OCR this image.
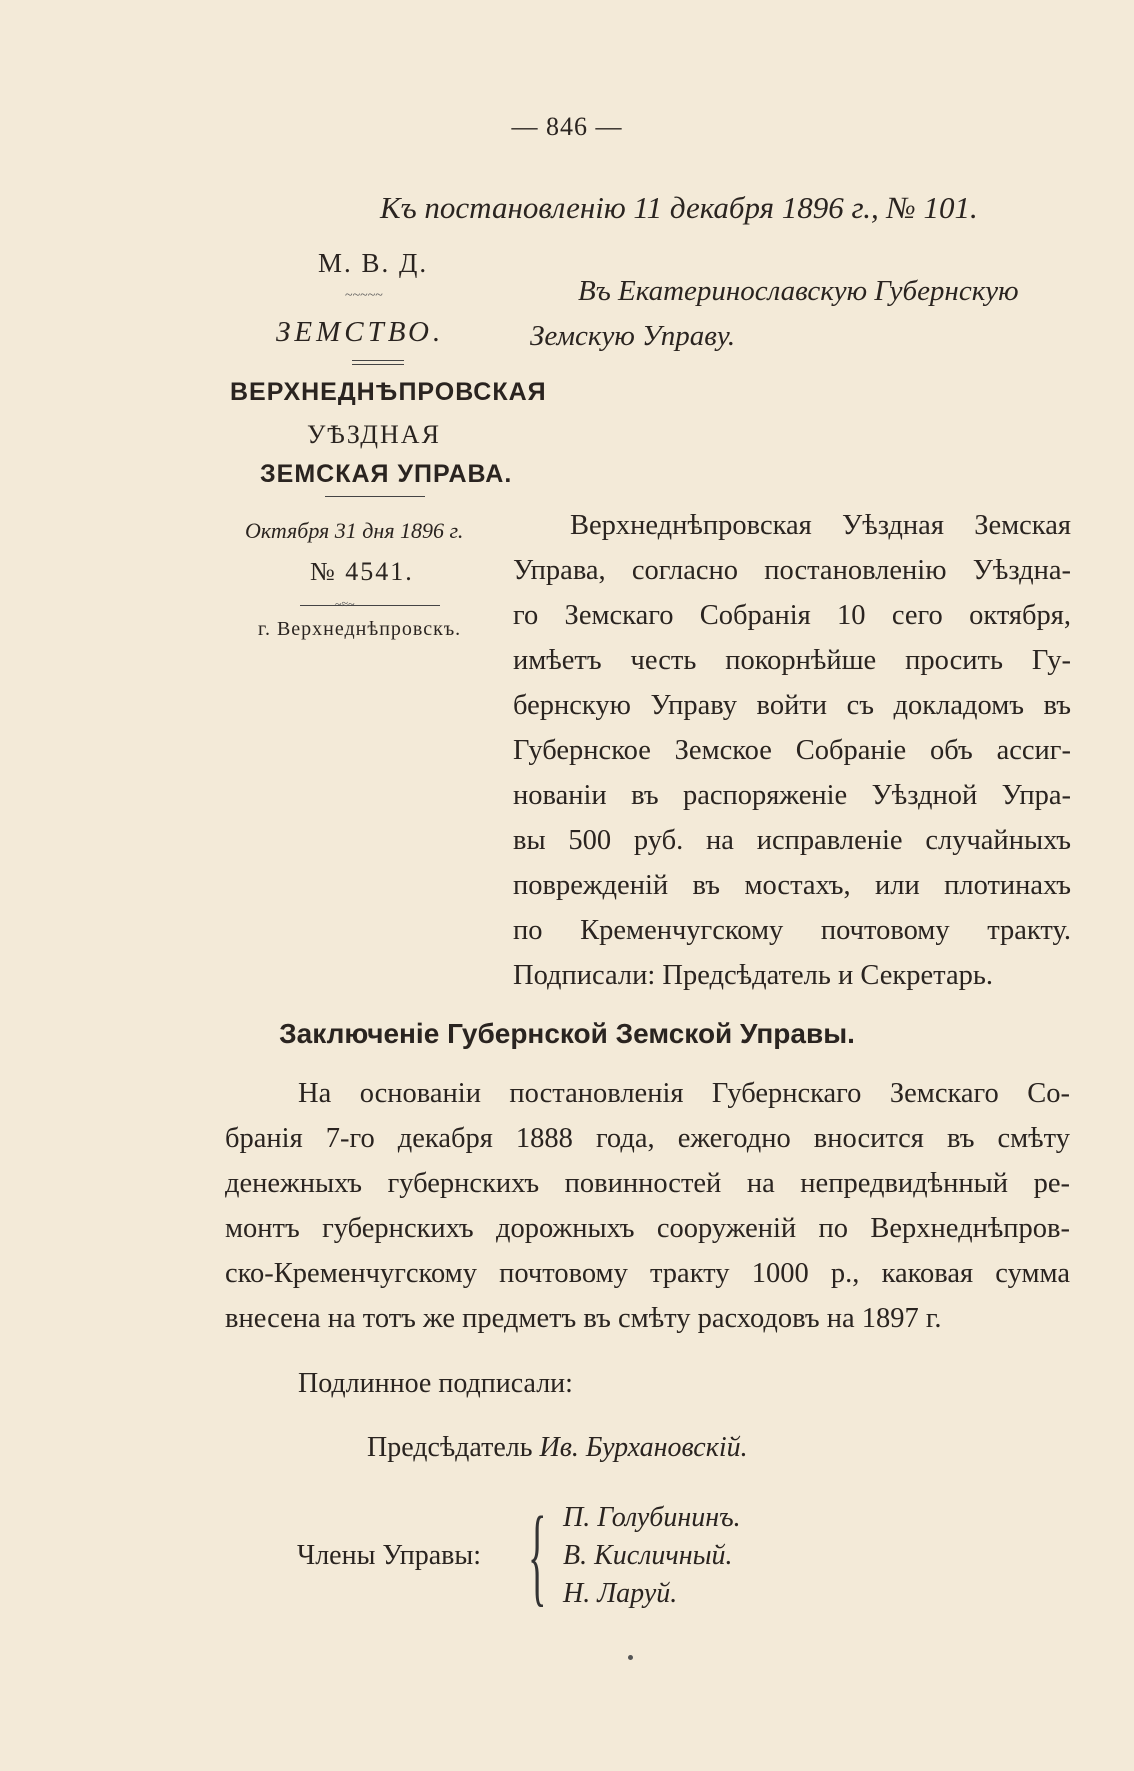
— 846 —
Къ постановленію 11 декабря 1896 г., № 101.
М. В. Д.
~~~~~
ЗЕМСТВО.
ВЕРХНЕДНѢПРОВСКАЯ
УѢЗДНАЯ
ЗЕМСКАЯ УПРАВА.
Октября 31 дня 1896 г.
№ 4541.
~≈~
г. Верхнеднѣпровскъ.
Въ Екатеринославскую Губернскую
Земскую Управу.
Верхнеднѣпровская Уѣздная Земская
Управа, согласно постановленію Уѣздна-
го Земскаго Собранія 10 сего октября,
имѣетъ честь покорнѣйше просить Гу-
бернскую Управу войти съ докладомъ въ
Губернское Земское Собраніе объ ассиг-
нованіи въ распоряженіе Уѣздной Упра-
вы 500 руб. на исправленіе случайныхъ
поврежденій въ мостахъ, или плотинахъ
по Кременчугскому почтовому тракту.
Подписали: Предсѣдатель и Секретарь.
Заключеніе Губернской Земской Управы.
На основаніи постановленія Губернскаго Земскаго Со-
бранія 7-го декабря 1888 года, ежегодно вносится въ смѣту
денежныхъ губернскихъ повинностей на непредвидѣнный ре-
монтъ губернскихъ дорожныхъ сооруженій по Верхнеднѣпров-
ско-Кременчугскому почтовому тракту 1000 р., каковая сумма
внесена на тотъ же предметъ въ смѣту расходовъ на 1897 г.
Подлинное подписали:
Предсѣдатель Ив. Бурхановскій.
Члены Управы: { П. Голубининъ.
В. Кисличный.
Н. Ларуй.
